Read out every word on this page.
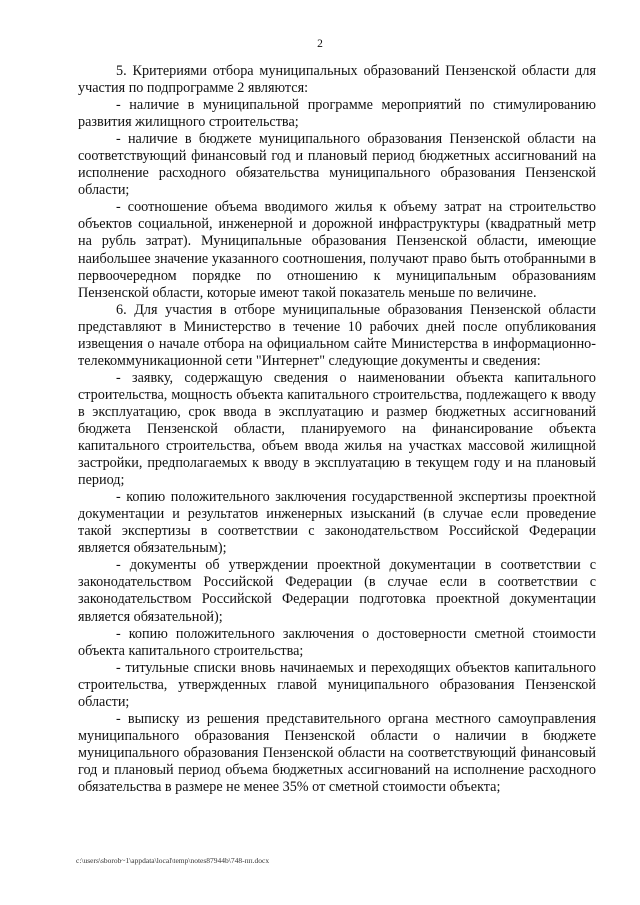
2

5. Критериями отбора муниципальных образований Пензенской области для участия по подпрограмме 2 являются:

- наличие в муниципальной программе мероприятий по стимулированию развития жилищного строительства;

- наличие в бюджете муниципального образования Пензенской области на соответствующий финансовый год и плановый период бюджетных ассигнований на исполнение расходного обязательства муниципального образования Пензенской области;

- соотношение объема вводимого жилья к объему затрат на строительство объектов социальной, инженерной и дорожной инфраструктуры (квадратный метр на рубль затрат). Муниципальные образования Пензенской области, имеющие наибольшее значение указанного соотношения, получают право быть отобранными в первоочередном порядке по отношению к муниципальным образованиям Пензенской области, которые имеют такой показатель меньше по величине.

6. Для участия в отборе муниципальные образования Пензенской области представляют в Министерство в течение 10 рабочих дней после опубликования извещения о начале отбора на официальном сайте Министерства в информационно-телекоммуникационной сети "Интернет" следующие документы и сведения:

- заявку, содержащую сведения о наименовании объекта капитального строительства, мощность объекта капитального строительства, подлежащего к вводу в эксплуатацию, срок ввода в эксплуатацию и размер бюджетных ассигнований бюджета Пензенской области, планируемого на финансирование объекта капитального строительства, объем ввода жилья на участках массовой жилищной застройки, предполагаемых к вводу в эксплуатацию в текущем году и на плановый период;

- копию положительного заключения государственной экспертизы проектной документации и результатов инженерных изысканий (в случае если проведение такой экспертизы в соответствии с законодательством Российской Федерации является обязательным);

- документы об утверждении проектной документации в соответствии с законодательством Российской Федерации (в случае если в соответствии с законодательством Российской Федерации подготовка проектной документации является обязательной);

- копию положительного заключения о достоверности сметной стоимости объекта капитального строительства;

- титульные списки вновь начинаемых и переходящих объектов капитального строительства, утвержденных главой муниципального образования Пензенской области;

- выписку из решения представительного органа местного самоуправления муниципального образования Пензенской области о наличии в бюджете муниципального образования Пензенской области на соответствующий финансовый год и плановый период объема бюджетных ассигнований на исполнение расходного обязательства в размере не менее 35% от сметной стоимости объекта;

c:\users\sborob~1\appdata\local\temp\notes87944b\748-пп.docx
